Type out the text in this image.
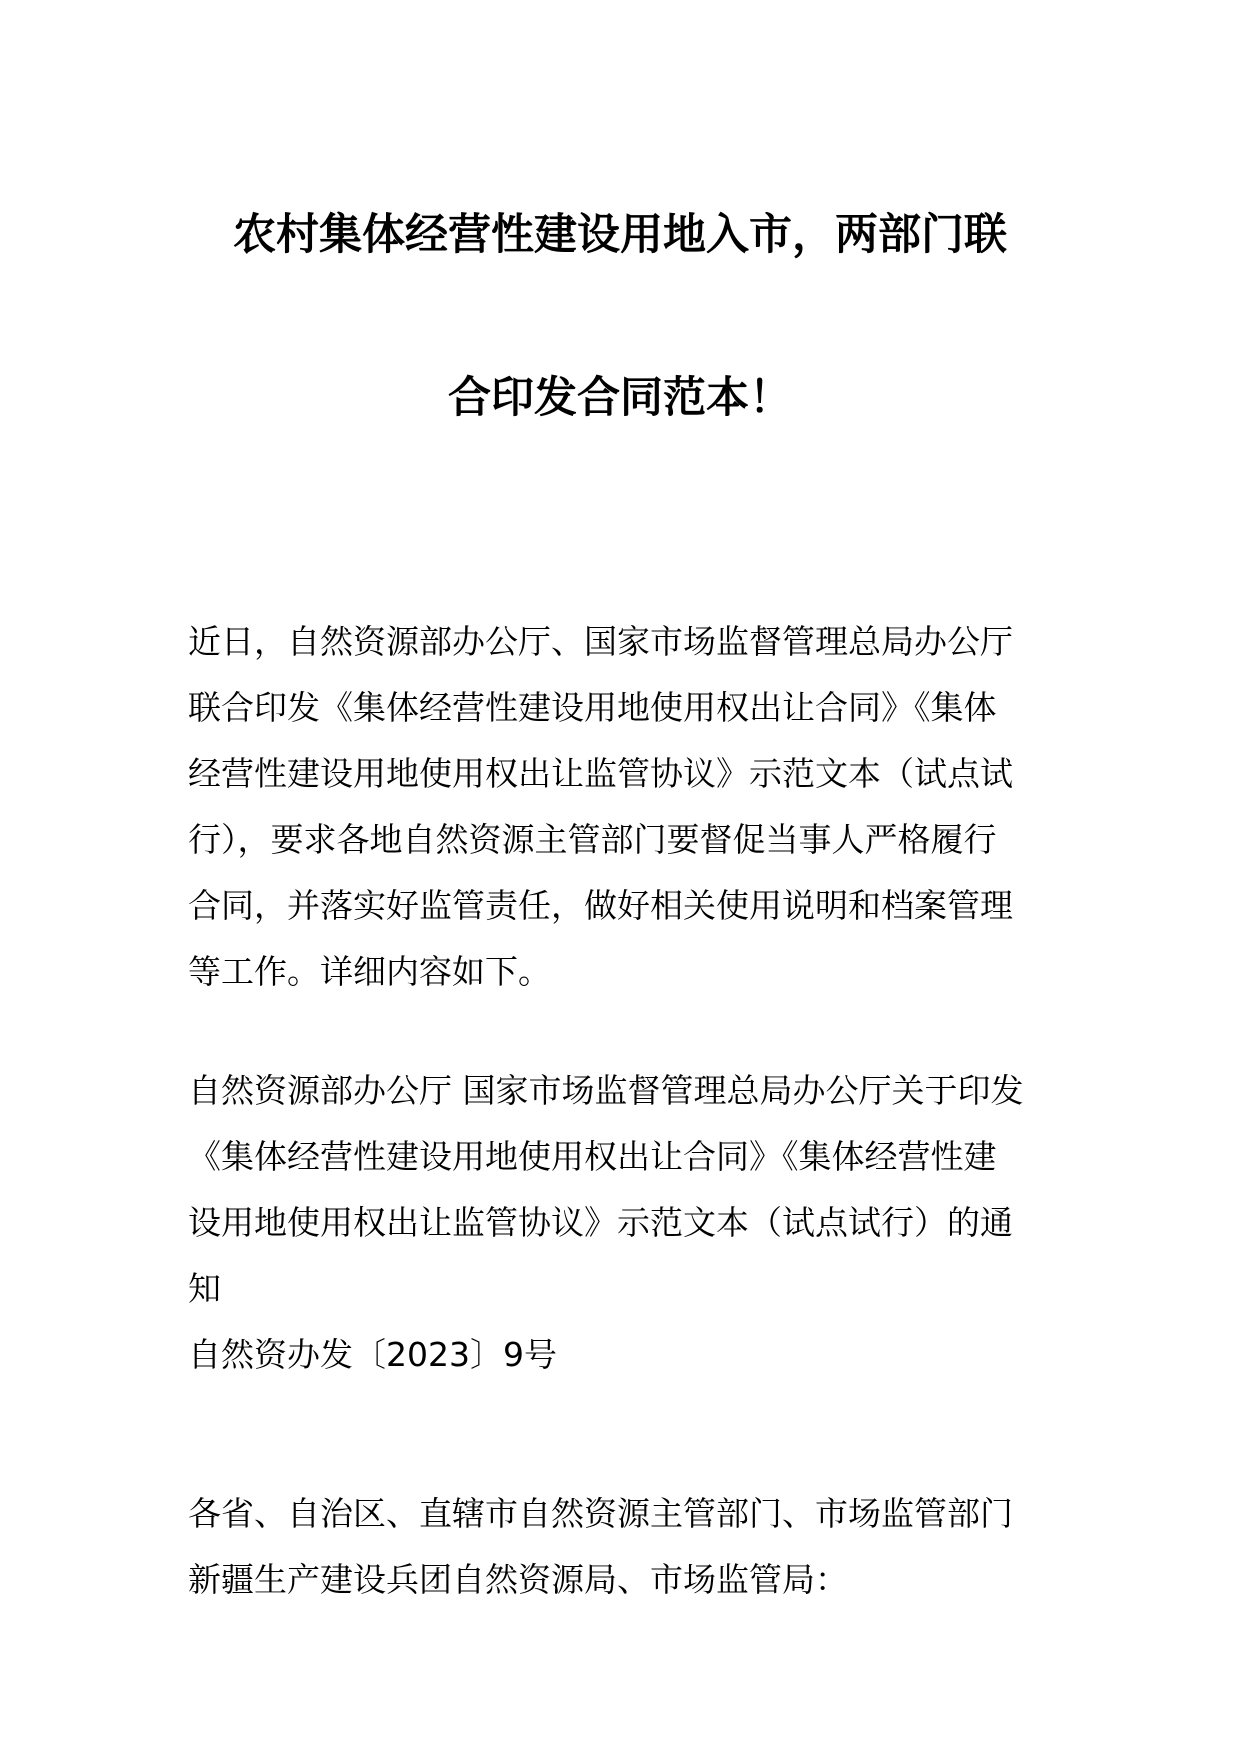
农村集体经营性建设用地入市，两部门联
合印发合同范本！
近日，自然资源部办公厅、国家市场监督管理总局办公厅
联合印发《集体经营性建设用地使用权出让合同》《集体
经营性建设用地使用权出让监管协议》示范文本（试点试
行），要求各地自然资源主管部门要督促当事人严格履行
合同，并落实好监管责任，做好相关使用说明和档案管理
等工作。详细内容如下。
自然资源部办公厅 国家市场监督管理总局办公厅关于印发
《集体经营性建设用地使用权出让合同》《集体经营性建
设用地使用权出让监管协议》示范文本（试点试行）的通
知
自然资办发〔2023〕9号
各省、自治区、直辖市自然资源主管部门、市场监管部门
新疆生产建设兵团自然资源局、市场监管局：
